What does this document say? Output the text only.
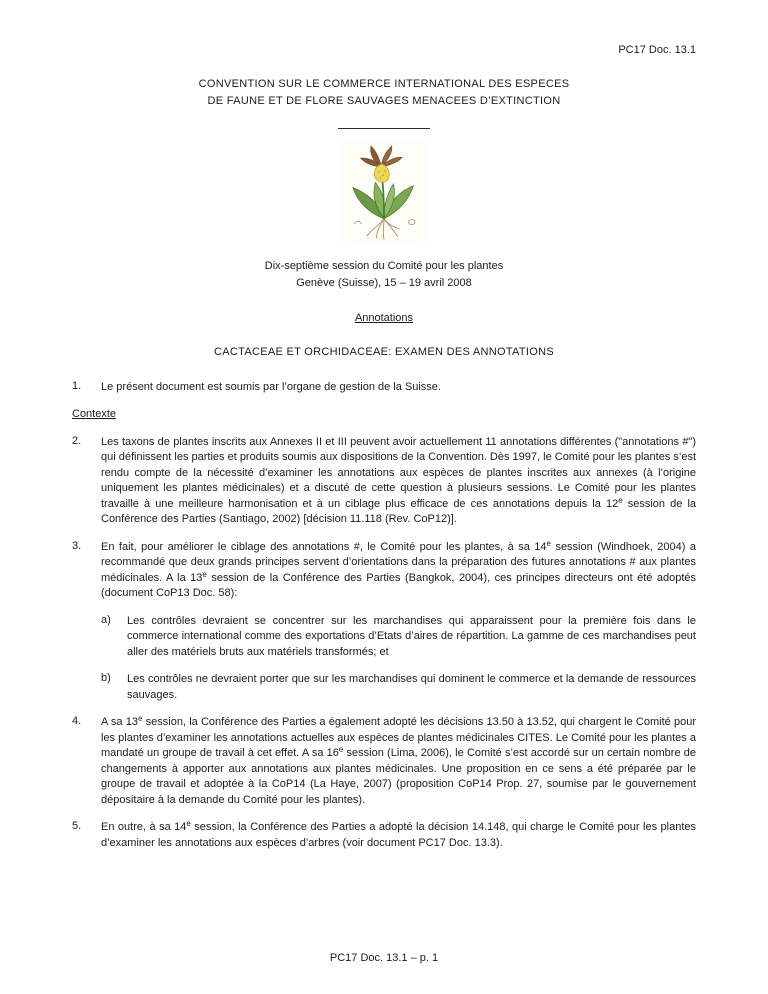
PC17 Doc. 13.1
CONVENTION SUR LE COMMERCE INTERNATIONAL DES ESPECES
DE FAUNE ET DE FLORE SAUVAGES MENACEES D’EXTINCTION
Dix-septième session du Comité pour les plantes
Genève (Suisse), 15 – 19 avril 2008
Annotations
CACTACEAE ET ORCHIDACEAE: EXAMEN DES ANNOTATIONS
1.	Le présent document est soumis par l’organe de gestion de la Suisse.
Contexte
2.	Les taxons de plantes inscrits aux Annexes II et III peuvent avoir actuellement 11 annotations différentes ("annotations #") qui définissent les parties et produits soumis aux dispositions de la Convention. Dès 1997, le Comité pour les plantes s’est rendu compte de la nécessité d’examiner les annotations aux espèces de plantes inscrites aux annexes (à l’origine uniquement les plantes médicinales) et a discuté de cette question à plusieurs sessions. Le Comité pour les plantes travaille à une meilleure harmonisation et à un ciblage plus efficace de ces annotations depuis la 12e session de la Conférence des Parties (Santiago, 2002) [décision 11.118 (Rev. CoP12)].
3.	En fait, pour améliorer le ciblage des annotations #, le Comité pour les plantes, à sa 14e session (Windhoek, 2004) a recommandé que deux grands principes servent d’orientations dans la préparation des futures annotations # aux plantes médicinales. A la 13e session de la Conférence des Parties (Bangkok, 2004), ces principes directeurs ont été adoptés (document CoP13 Doc. 58):
a)	Les contrôles devraient se concentrer sur les marchandises qui apparaissent pour la première fois dans le commerce international comme des exportations d’Etats d’aires de répartition. La gamme de ces marchandises peut aller des matériels bruts aux matériels transformés; et
b)	Les contrôles ne devraient porter que sur les marchandises qui dominent le commerce et la demande de ressources sauvages.
4.	A sa 13e session, la Conférence des Parties a également adopté les décisions 13.50 à 13.52, qui chargent le Comité pour les plantes d’examiner les annotations actuelles aux espèces de plantes médicinales CITES. Le Comité pour les plantes a mandaté un groupe de travail à cet effet. A sa 16e session (Lima, 2006), le Comité s’est accordé sur un certain nombre de changements à apporter aux annotations aux plantes médicinales. Une proposition en ce sens a été préparée par le groupe de travail et adoptée à la CoP14 (La Haye, 2007) (proposition CoP14 Prop. 27, soumise par le gouvernement dépositaire à la demande du Comité pour les plantes).
5.	En outre, à sa 14e session, la Conférence des Parties a adopté la décision 14.148, qui charge le Comité pour les plantes d’examiner les annotations aux espèces d’arbres (voir document PC17 Doc. 13.3).
PC17 Doc. 13.1 – p. 1
